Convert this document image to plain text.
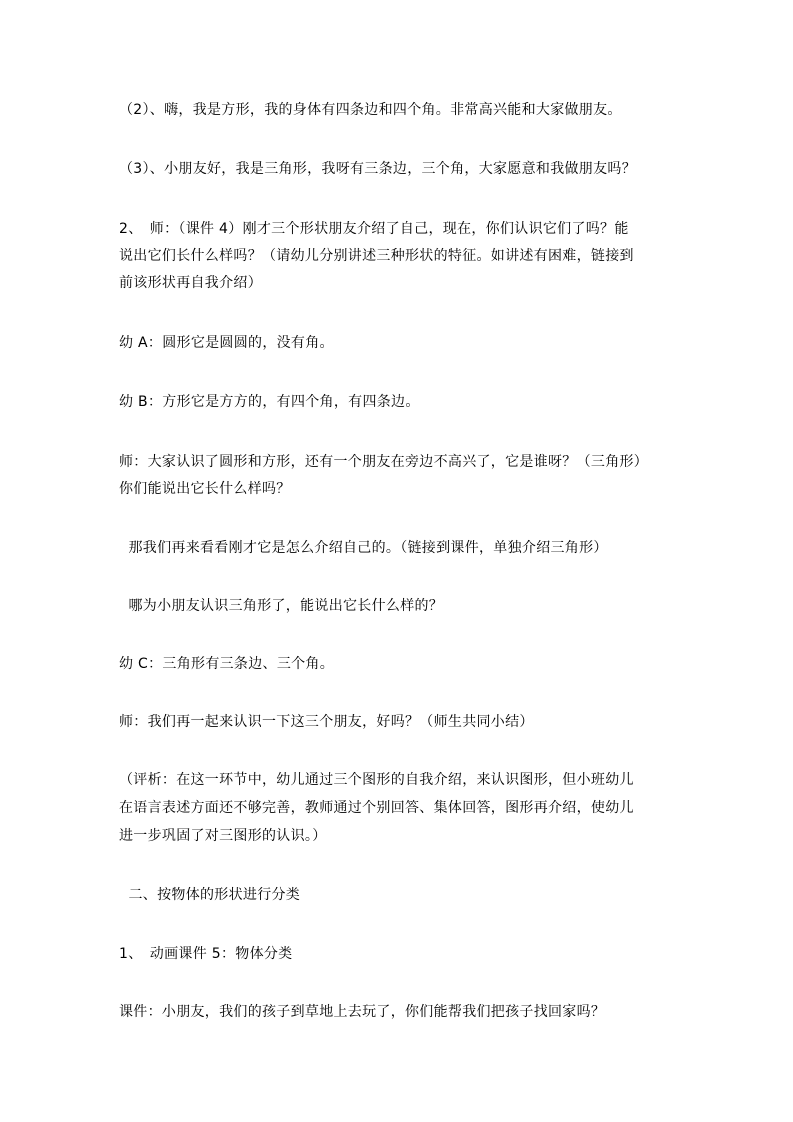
（2）、嗨，我是方形，我的身体有四条边和四个角。非常高兴能和大家做朋友。
（3）、小朋友好，我是三角形，我呀有三条边，三个角，大家愿意和我做朋友吗？
2、　师：（课件 4）刚才三个形状朋友介绍了自己，现在，你们认识它们了吗？能
说出它们长什么样吗？（请幼儿分别讲述三种形状的特征。如讲述有困难，链接到
前该形状再自我介绍）
幼 A：圆形它是圆圆的，没有角。
幼 B：方形它是方方的，有四个角，有四条边。
师：大家认识了圆形和方形，还有一个朋友在旁边不高兴了，它是谁呀？（三角形）
你们能说出它长什么样吗？
那我们再来看看刚才它是怎么介绍自己的。（链接到课件，单独介绍三角形）
哪为小朋友认识三角形了，能说出它长什么样的？
幼 C：三角形有三条边、三个角。
师：我们再一起来认识一下这三个朋友，好吗？（师生共同小结）
（评析：在这一环节中，幼儿通过三个图形的自我介绍，来认识图形，但小班幼儿
在语言表述方面还不够完善，教师通过个别回答、集体回答，图形再介绍，使幼儿
进一步巩固了对三图形的认识。）
二、按物体的形状进行分类
1、　动画课件 5：物体分类
课件：小朋友，我们的孩子到草地上去玩了，你们能帮我们把孩子找回家吗？
